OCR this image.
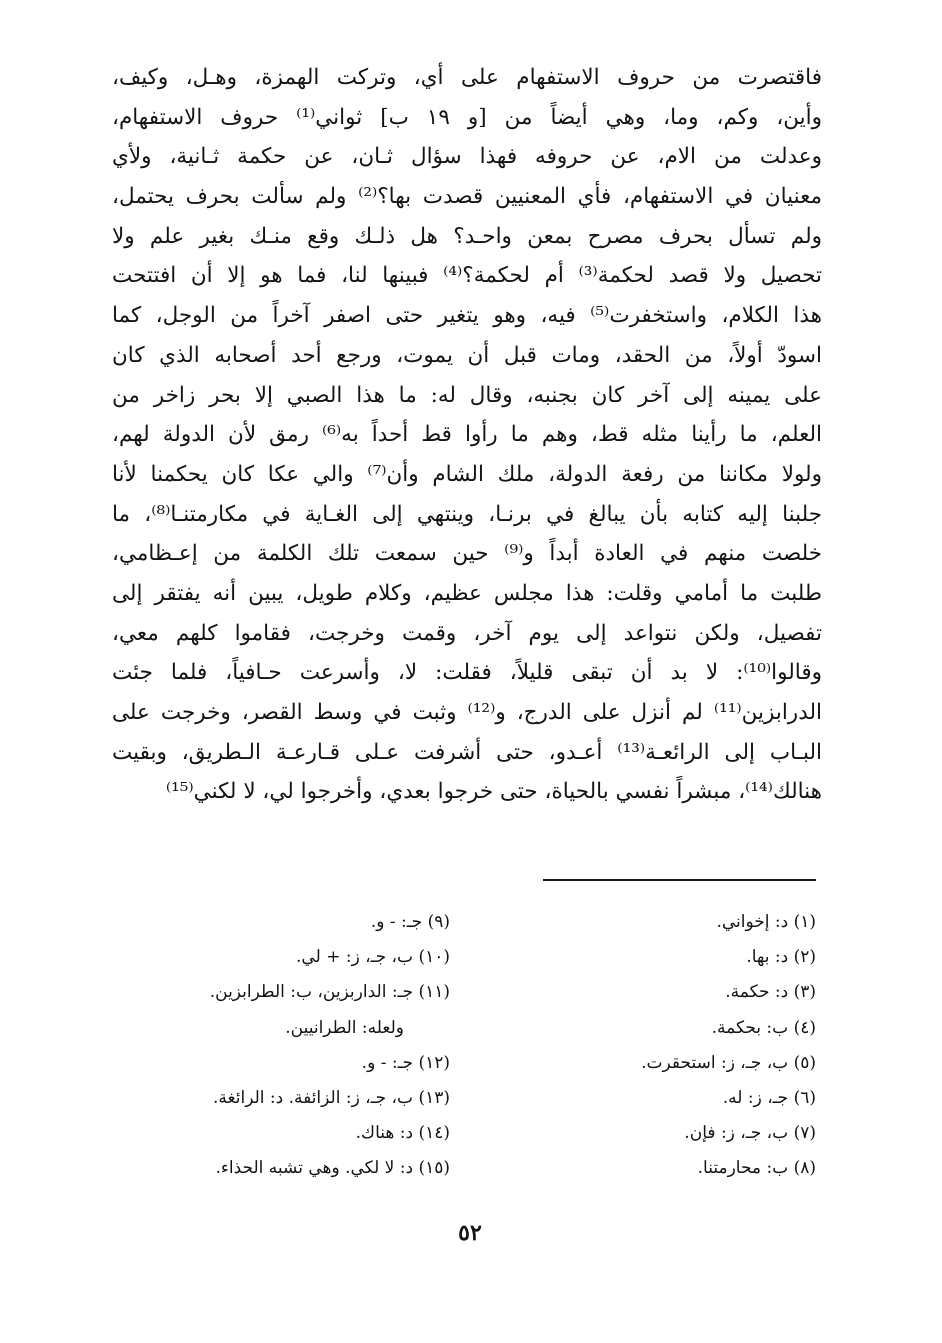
فاقتصرت من حروف الاستفهام على أي، وتركت الهمزة، وهـل، وكيف،
وأين، وكم، وما، وهي أيضاً من [و ١٩ ب] ثواني⁽¹⁾ حروف الاستفهام،
وعدلت من الام، عن حروفه فهذا سؤال ثـان، عن حكمة ثـانية، ولأي
معنيان في الاستفهام، فأي المعنيين قصدت بها؟⁽²⁾ ولم سألت بحرف يحتمل،
ولم تسأل بحرف مصرح بمعن واحـد؟ هل ذلـك وقع منـك بغير علم ولا
تحصيل ولا قصد لحكمة⁽³⁾ أم لحكمة؟⁽⁴⁾ فبينها لنا، فما هو إلا أن افتتحت
هذا الكلام، واستخفرت⁽⁵⁾ فيه، وهو يتغير حتى اصفر آخراً من الوجل، كما
اسودّ أولاً، من الحقد، ومات قبل أن يموت، ورجع أحد أصحابه الذي كان
على يمينه إلى آخر كان بجنبه، وقال له: ما هذا الصبي إلا بحر زاخر من
العلم، ما رأينا مثله قط، وهم ما رأوا قط أحداً به⁽⁶⁾ رمق لأن الدولة لهم،
ولولا مكاننا من رفعة الدولة، ملك الشام وأن⁽⁷⁾ والي عكا كان يحكمنا لأنا
جلبنا إليه كتابه بأن يبالغ في برنـا، وينتهي إلى الغـاية في مكارمتنـا⁽⁸⁾، ما
خلصت منهم في العادة أبداً و⁽⁹⁾ حين سمعت تلك الكلمة من إعـظامي،
طلبت ما أمامي وقلت: هذا مجلس عظيم، وكلام طويل، يبين أنه يفتقر إلى
تفصيل، ولكن نتواعد إلى يوم آخر، وقمت وخرجت، فقاموا كلهم معي،
وقالوا⁽¹⁰⁾: لا بد أن تبقى قليلاً، فقلت: لا، وأسرعت حـافياً، فلما جئت
الدرابزين⁽¹¹⁾ لم أنزل على الدرج، و⁽¹²⁾ وثبت في وسط القصر، وخرجت على
البـاب إلى الرائعـة⁽¹³⁾ أعـدو، حتى أشرفت عـلى قـارعـة الـطريق، وبقيت
هنالك⁽¹⁴⁾، مبشراً نفسي بالحياة، حتى خرجوا بعدي، وأخرجوا لي، لا لكني⁽¹⁵⁾
(١) د: إخواني.
(٢) د: بها.
(٣) د: حكمة.
(٤) ب: بحكمة.
(٥) ب، جـ، ز: استحقرت.
(٦) جـ، ز: له.
(٧) ب، جـ، ز: فإن.
(٨) ب: محارمتنا.
(٩) جـ: - و.
(١٠) ب، جـ، ز: + لي.
(١١) جـ: الداربزين، ب: الطرابزين.
ولعله: الطرانيين.
(١٢) جـ: - و.
(١٣) ب، جـ، ز: الزائفة. د: الرائغة.
(١٤) د: هناك.
(١٥) د: لا لكي. وهي تشبه الحذاء.
٥٢
